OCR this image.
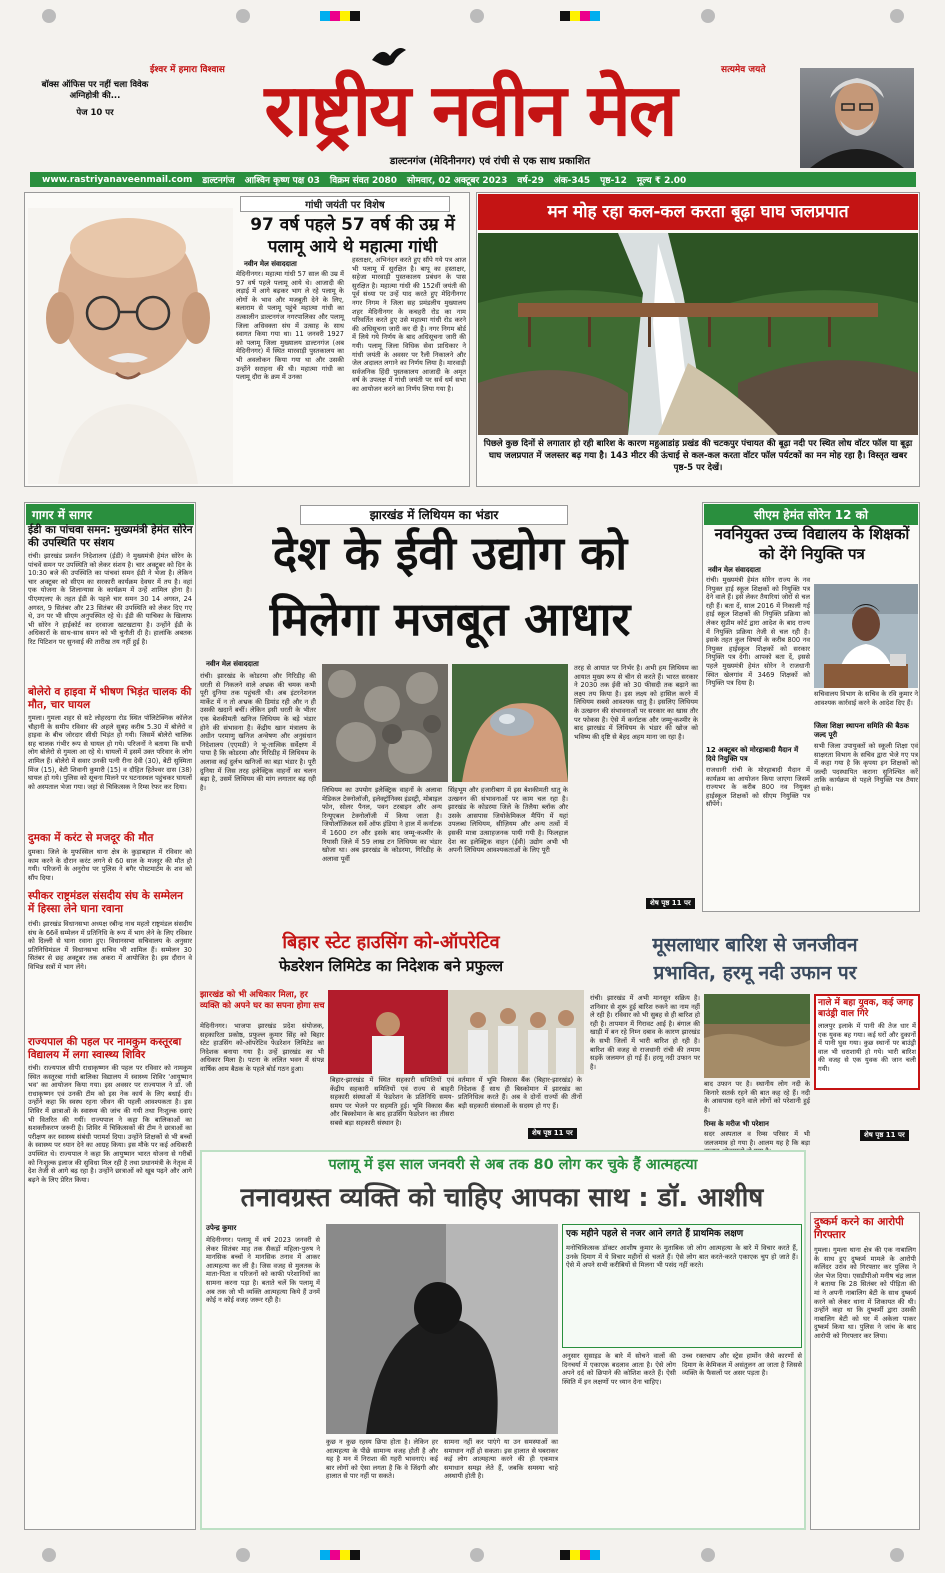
ईश्वर में हमारा विश्वास	सत्यमेव जयते
बॉक्स ऑफिस पर नहीं चला विवेक अग्निहोत्री की...
पेज 10 पर	राष्ट्रीय नवीन मेल
डाल्टनगंज (मेदिनीनगर) एवं रांची से एक साथ प्रकाशित
www.rastriyanaveenmail.com डाल्टनगंज आश्विन कृष्ण पक्ष 03 विक्रम संवत 2080 सोमवार, 02 अक्टूबर 2023 वर्ष-29 अंक-345 पृष्ठ-12 मूल्य ₹ 2.00
गांधी जयंती पर विशेष
97 वर्ष पहले 57 वर्ष की उम्र में पलामू आये थे महात्मा गांधी
नवीन मेल संवाददाता
मेदिनीनगर। महात्मा गांधी 57 साल की उम्र में 97 वर्ष पहले पलामू आये थे। आजादी की लड़ाई में आगे बढ़कर भाग ले रहे पलामू के लोगों के भाव और मजबूती देने के लिए, बलाराम से पलामू पहुंचे महात्मा गांधी का तत्कालीन डाल्टनगंज नगरपालिका और पलामू जिला अधिवक्ता संघ में उत्साह के साथ स्वागत किया गया था। 11 जनवरी 1927 को पलामू जिला मुख्यालय डाल्टनगंज (अब मेदिनीनगर) में स्थित मारवाड़ी पुस्तकालय का भी अवलोकन किया गया था और उसकी उन्होंने सराहना की थी। महात्मा गांधी का पलामू दौरा के क्रम में उनका
हस्ताक्षर, अभिनंदन करते हुए सौंपे गये पत्र आज भी पलामू में सुरक्षित है। बापू का हस्ताक्षर, सहेजा मारवाड़ी पुस्तकालय प्रबंधन के पास सुरक्षित है। महात्मा गांधी की 152वीं जयंती की पूर्व संध्या पर उन्हें याद करते हुए मेदिनीनगर नगर निगम ने जिला सह प्रमंडलीय मुख्यालय शहर मेदिनीनगर के कचहरी रोड का नाम परिवर्तित करते हुए उसे महात्मा गांधी रोड करने की अधिसूचना जारी कर दी है। नगर निगम बोर्ड में लिये गये निर्णय के बाद अधिसूचना जारी की गयी। पलामू जिला विधिक सेवा प्राधिकार ने गांधी जयंती के अवसर पर रैली निकालने और जेल अदालत लगाने का निर्णय लिया है। मारवाड़ी सर्वजनिक हिंदी पुस्तकालय आजादी के अमृत वर्ष के उपलक्ष में गांधी जयंती पर सर्व धर्म सभा का आयोजन करने का निर्णय लिया गया है।
मन मोह रहा कल-कल करता बूढ़ा घाघ जलप्रपात
पिछले कुछ दिनों से लगातार हो रही बारिश के कारण महुआडांड़ प्रखंड की चटकपुर पंचायत की बूढ़ा नदी पर स्थित लोध वॉटर फॉल या बूढ़ा घाघ जलप्रपात में जलस्तर बढ़ गया है। 143 मीटर की ऊंचाई से कल-कल करता वॉटर फॉल पर्यटकों का मन मोह रहा है। विस्तृत खबर पृष्ठ-5 पर देखें।
गागर में सागर
ईडी का पांचवा समन: मुख्यमंत्री हेमंत सोरेन की उपस्थिति पर संशय
रांची। झारखंड प्रवर्तन निदेशालय (ईडी) ने मुख्यमंत्री हेमंत सोरेन के पांचवें समन पर उपस्थिति को लेकर संशय है। चार अक्टूबर को दिन के 10:30 बजे की उपस्थिति का पांचवां समन ईडी ने भेजा है। लेकिन चार अक्टूबर को सीएम का सरकारी कार्यक्रम देवघर में तय है। वहां एक योजना के शिलान्यास के कार्यक्रम में उन्हें शामिल होना है। पीएमएलए के तहत ईडी के पहले चार समन 30 14 अगस्त, 24 अगस्त, 9 सितंबर और 23 सितंबर की उपस्थिति को लेकर दिए गए थे, उन पर भी सीएम अनुपस्थित रहे थे। ईडी की याचिका के खिलाफ भी सोरेन ने हाईकोर्ट का दरवाजा खटखटाया है। उन्होंने ईडी के अधिकारों के साथ-साथ समन को भी चुनौती दी है। हालांकि अबतक रिट पिटिशन पर सुनवाई की तारीख तय नहीं हुई है।
बोलेरो व हाइवा में भीषण भिड़ंत चालक की मौत, चार घायल
गुमला। गुमला शहर से सटे लोहरदगा रोड स्थित पॉलिटेक्निक कॉलेज चौहानी के समीप रविवार की अहले सुबह करीब 5.30 में बोलेरो व हाइवा के बीच जोरदार सीधी भिड़ंत हो गयी। जिसमें बोलेरो चालिक सह चालक गंभीर रूप से घायल हो गये। परिजनों ने बताया कि सभी लोग बोलेरो से गुमला आ रहे थे। घायलों में इसमें उक्त परिवार के लोग शामिल हैं। बोलेरो में सवार उनकी पत्नी रीना देवी (30), बेटी सुस्मिता मिंज (15), बेटी शिवानी कुमारी (15) व दौहित हितेश्वर दास (38) घायल हो गये। पुलिस को सूचना मिलने पर घटनास्थल पहुंचकर घायलों को अस्पताल भेजा गया। जहां से चिकित्सक ने रिम्स रेफर कर दिया।
दुमका में करंट से मजदूर की मौत
दुमका। जिले के मुफस्सिल थाना क्षेत्र के कुड़ाबहाल में रविवार को काम करने के दौरान करंट लगने से 60 साल के मजदूर की मौत हो गयी। परिजनों के अनुरोध पर पुलिस ने बगैर पोस्टमार्टम के शव को सौंप दिया।
स्पीकर राष्ट्रमंडल संसदीय संघ के सम्मेलन में हिस्सा लेने घाना रवाना
रांची। झारखंड विधानसभा अध्यक्ष रबीन्द्र नाथ महतो राष्ट्रमंडल संसदीय संघ के 66वें सम्मेलन में प्रतिनिधि के रूप में भाग लेने के लिए रविवार को दिल्ली से घाना रवाना हुए। विधानसभा सचिवालय के अनुसार प्रतिनिधिमंडल में विधानसभा सचिव भी शामिल हैं। सम्मेलन 30 सितंबर से छह अक्टूबर तक अकरा में आयोजित है। इस दौरान वे विभिन्न सत्रों में भाग लेंगे।
राज्यपाल की पहल पर नामकुम कस्तूरबा विद्यालय में लगा स्वास्थ्य शिविर
रांची। राज्यपाल सीपी राधाकृष्णन की पहल पर रविवार को नामकुम स्थित कस्तूरबा गांधी बालिका विद्यालय में स्वास्थ्य शिविर 'आयुष्मान भव' का आयोजन किया गया। इस अवसर पर राज्यपाल ने डॉ. जी राधाकृष्णन एवं उनकी टीम को इस नेक कार्य के लिए बधाई दी। उन्होंने कहा कि स्वस्थ रहना जीवन की पहली आवश्यकता है। इस शिविर में छात्राओं के स्वास्थ्य की जांच की गयी तथा निःशुल्क दवाएं भी वितरित की गयीं। राज्यपाल ने कहा कि बालिकाओं का सशक्तीकरण जरूरी है। शिविर में चिकित्सकों की टीम ने छात्राओं का परीक्षण कर स्वास्थ्य संबंधी परामर्श दिया। उन्होंने शिक्षकों से भी बच्चों के स्वास्थ्य पर ध्यान देने का आग्रह किया। इस मौके पर कई अधिकारी उपस्थित थे। राज्यपाल ने कहा कि आयुष्मान भारत योजना से गरीबों को निःशुल्क इलाज की सुविधा मिल रही है तथा प्रधानमंत्री के नेतृत्व में देश तेजी से आगे बढ़ रहा है। उन्होंने छात्राओं को खूब पढ़ने और आगे बढ़ने के लिए प्रेरित किया।
झारखंड में लिथियम का भंडार
देश के ईवी उद्योग को
मिलेगा मजबूत आधार
नवीन मेल संवाददाता
रांची। झारखंड के कोडरमा और गिरिडीह की धरती से निकलने वाले अभ्रक की चमक कभी पूरी दुनिया तक पहुंचती थी। अब इंटरनेशनल मार्केट में न तो अभ्रक की डिमांड रही और न ही उसकी खदानें बचीं। लेकिन इसी धरती के भीतर एक बेशकीमती खनिज लिथियम के बड़े भंडार होने की संभावना है। केंद्रीय खान मंत्रालय के अधीन परमाणु खनिज अन्वेषण और अनुसंधान निदेशालय (एएमडी) ने भू-तात्विक सर्वेक्षण में पाया है कि कोडरमा और गिरिडीह में लिथियम के अलावा कई दुर्लभ खनिजों का बड़ा भंडार है। पूरी दुनिया में जिस तरह इलेक्ट्रिक वाहनों का चलन बढ़ा है, उसमें लिथियम की मांग लगातार बढ़ रही है।	लिथियम का उपयोग इलेक्ट्रिक वाहनों के अलावा मेडिकल टेक्नोलॉजी, इलेक्ट्रॉनिक्स इंडस्ट्री, मोबाइल फोन, सोलर पैनल, पवन टरबाइन और अन्य रिन्यूएबल टेक्नोलॉजी में किया जाता है। जियोलॉजिकल सर्वे ऑफ इंडिया ने हाल में कर्नाटक में 1600 टन और इसके बाद जम्मू-कश्मीर के रियासी जिले में 59 लाख टन लिथियम का भंडार खोजा था। अब झारखंड के कोडरमा, गिरिडीह के अलावा पूर्वी
सिंहभूम और हजारीबाग में इस बेशकीमती धातु के उत्खनन की संभावनाओं पर काम चल रहा है। झारखंड के कोडरमा जिले के तिलैया ब्लॉक और उसके आसपास जियोकेमिकल मैपिंग में यहां उपलब्ध लिथियम, सीज़ियम और अन्य तत्वों में इसकी मात्रा उत्साहजनक पायी गयी है। फिलहाल देश का इलेक्ट्रिक वाहन (ईवी) उद्योग अभी भी अपनी लिथियम आवश्यकताओं के लिए पूरी
तरह से आयात पर निर्भर है। अभी हम लिथियम का आयात मुख्य रूप से चीन से करते हैं। भारत सरकार ने 2030 तक ईवी को 30 फीसदी तक बढ़ाने का लक्ष्य तय किया है। इस लक्ष्य को हासिल करने में लिथियम सबसे आवश्यक धातु है। इसलिए लिथियम के उत्खनन की संभावनाओं पर सरकार का खास तौर पर फोकस है। ऐसे में कर्नाटक और जम्मू-कश्मीर के बाद झारखंड में लिथियम के भंडार की खोज को भविष्य की दृष्टि से बेहद अहम माना जा रहा है।
शेष पृष्ठ 11 पर
सीएम हेमंत सोरेन 12 को
नवनियुक्त उच्च विद्यालय के शिक्षकों को देंगे नियुक्ति पत्र
नवीन मेल संवाददाता
रांची। मुख्यमंत्री हेमंत सोरेन राज्य के नव नियुक्त हाई स्कूल शिक्षकों को नियुक्ति पत्र देने वाले हैं। इसे लेकर तैयारियां जोरों से चल रही हैं। बता दें, साल 2016 में निकाली गई हाई स्कूल शिक्षकों की नियुक्ति प्रक्रिया को लेकर सुप्रीम कोर्ट द्वारा आदेश के बाद राज्य में नियुक्ति प्रक्रिया तेजी से चल रही है। इसके तहत कुल विषयों के करीब 800 नव नियुक्त हाईस्कूल शिक्षकों को सरकार नियुक्ति पत्र देगी। आपको बता दें, इससे पहले मुख्यमंत्री हेमंत सोरेन ने राजधानी स्थित खेलगांव में 3469 शिक्षकों को नियुक्ति पत्र दिया है।
12 अक्टूबर को मोरहाबादी मैदान में दिये नियुक्ति पत्र
राजधानी रांची के मोरहाबादी मैदान में कार्यक्रम का आयोजन किया जाएगा जिसमें राज्यभर के करीब 800 नव नियुक्त हाईस्कूल शिक्षकों को सीएम नियुक्ति पत्र सौंपेंगे।
सचिवालय विभाग के सचिव के रवि कुमार ने आवश्यक कार्रवाई करने के आदेश दिए हैं।
जिला शिक्षा स्थापना समिति की बैठक जल्द पूरी
सभी जिला उपायुक्तों को स्कूली शिक्षा एवं साक्षरता विभाग के सचिव द्वारा भेजे गए पत्र में कहा गया है कि कृपया इन शिक्षकों को जल्दी पदस्थापित कराना सुनिश्चित करें ताकि कार्यक्रम से पहले नियुक्ति पत्र तैयार हो सके।
बिहार स्टेट हाउसिंग को-ऑपरेटिव
फेडरेशन लिमिटेड का निदेशक बने प्रफुल्ल
झारखंड को भी अधिकार मिला, हर व्यक्ति को अपने घर का सपना होगा सच
मेदिनीनगर। भाजपा झारखंड प्रदेश संयोजक, सहकारिता प्रकोष्ठ, प्रफुल्ल कुमार सिंह को बिहार स्टेट हाउसिंग को-ऑपरेटिव फेडरेशन लिमिटेड का निदेशक बनाया गया है। उन्हें झारखंड का भी अधिकार मिला है। पटना के ललित भवन में संपन्न वार्षिक आम बैठक के पहले बोर्ड गठन हुआ।
बिहार-झारखंड में स्थित सहकारी समितियों एवं केंद्रीय सहकारी समितियों एवं राज्य से बाहरी सहकारी संस्थाओं में फेडरेशन के प्रतिनिधि समय-समय पर भेजने पर सहमति हुई। भूमि विकास बैंक और बिस्कोमान के बाद हाउसिंग फेडरेशन का तीसरा सबसे बड़ा सहकारी संस्थान है।
वर्तमान में भूमि विकास बैंक (बिहार-झारखंड) के निदेशक हैं साथ ही बिस्कोमान में झारखंड का प्रतिनिधित्व करते हैं। अब वे दोनों राज्यों की तीनों बड़ी सहकारी संस्थाओं के सदस्य हो गए हैं।
शेष पृष्ठ 11 पर
मूसलाधार बारिश से जनजीवन
प्रभावित, हरमू नदी उफान पर
रांची। झारखंड में अभी मानसून सक्रिय है। शनिवार से शुरू हुई बारिश रुकने का नाम नहीं ले रही है। रविवार को भी सुबह से ही बारिश हो रही है। तापमान में गिरावट आई है। बंगाल की खाड़ी में बन रहे निम्न दबाव के कारण झारखंड के सभी जिलों में भारी बारिश हो रही है। बारिश की वजह से राजधानी रांची की तमाम सड़कें जलमग्न हो गई हैं। हरमू नदी उफान पर है।
बाद उफान पर है। स्थानीय लोग नदी के किनारे सतर्क रहने की बात कह रहे हैं। नदी के आसपास रहने वाले लोगों को परेशानी हुई है।
रिम्स के मरीज भी परेशान
सदर अस्पताल व रिम्स परिसर में भी जलजमाव हो गया है। आलम यह है कि बड़ा
नाले में बहा युवक, कई जगह बाउंड्री वाल गिरे
लालपुर इलाके में पानी की तेज धार में एक युवक बह गया। कई घरों और दुकानों में पानी घुस गया। कुछ स्थानों पर बाउंड्री वाल भी धराशायी हो गये। भारी बारिश की वजह से एक युवक की जान चली गयी।
शेष पृष्ठ 11 पर
पलामू में इस साल जनवरी से अब तक 80 लोग कर चुके हैं आत्महत्या
तनावग्रस्त व्यक्ति को चाहिए आपका साथ : डॉ. आशीष
उपेन्द्र कुमार
मेदिनीनगर। पलामू में वर्ष 2023 जनवरी से लेकर सितंबर माह तक सैकड़ों महिला-पुरुष ने मानसिक बच्चों ने मानसिक तनाव में आकर आत्महत्या कर ली है। जिस वजह से मुलतक के माता-पिता व परिजनों को काफी परेशानियों का सामना करना पड़ा है। बताते चलें कि पलामू में अब तक जो भी व्यक्ति आत्महत्या किये हैं उनमें कोई न कोई वजह जरूर रही है।
कुछ न कुछ रहस्य छिपा होता है। लेकिन हर आत्महत्या के पीछे सामान्य वजह होती है और यह है मन में निराशा की गहरी भावनाएं। कई बार लोगों को ऐसा लगता है कि वे जिंदगी और हालात से पार नहीं पा सकते।
सामना नहीं कर पाएंगे या उन समस्याओं का समाधान नहीं हो सकता। इस हालात से घबराकर कई लोग आत्महत्या करने की ही एकमात्र समाधान समझ लेते हैं, जबकि समस्या चाहे अस्थायी होती है।
एक महीने पहले से नजर आने लगते हैं प्राथमिक लक्षण
मनोचिकित्सक डॉक्टर आशीष कुमार के मुताबिक जो लोग आत्महत्या के बारे में विचार करते हैं, उनके दिमाग में ये विचार महीनों से चलते हैं। ऐसे लोग बात करते-करते एकाएक चुप हो जाते हैं। ऐसे में अपने सभी करीबियों से मिलना भी पसंद नहीं करते।
अनुसार सुसाइड के बारे में सोचने वालों की दिनचर्या में एकाएक बदलाव आता है। ऐसे लोग अपने दर्द को छिपाने की कोशिश करते हैं। ऐसी स्थिति में इन लक्षणों पर ध्यान देना चाहिए।
उच्च रक्तचाप और स्ट्रेस हार्मोन जैसे कारणों से दिमाग के केमिकल में असंतुलन आ जाता है जिससे व्यक्ति के फैसलों पर असर पड़ता है।
दुष्कर्म करने का आरोपी गिरफ्तार
गुमला। गुमला थाना क्षेत्र की एक नाबालिग के साथ हुए दुष्कर्म मामले के आरोपी कलिंदर उरांव को गिरफ्तार कर पुलिस ने जेल भेज दिया। एसडीपीओ मनीष चंद्र लाल ने बताया कि 28 सितंबर को पीड़िता की मां ने अपनी नाबालिग बेटी के साथ दुष्कर्म करने को लेकर थाना में शिकायत की थी। उन्होंने कहा था कि दुष्कर्मी द्वारा उसकी नाबालिग बेटी को घर में अकेला पाकर दुष्कर्म किया था। पुलिस ने जांच के बाद आरोपी को गिरफ्तार कर लिया।
